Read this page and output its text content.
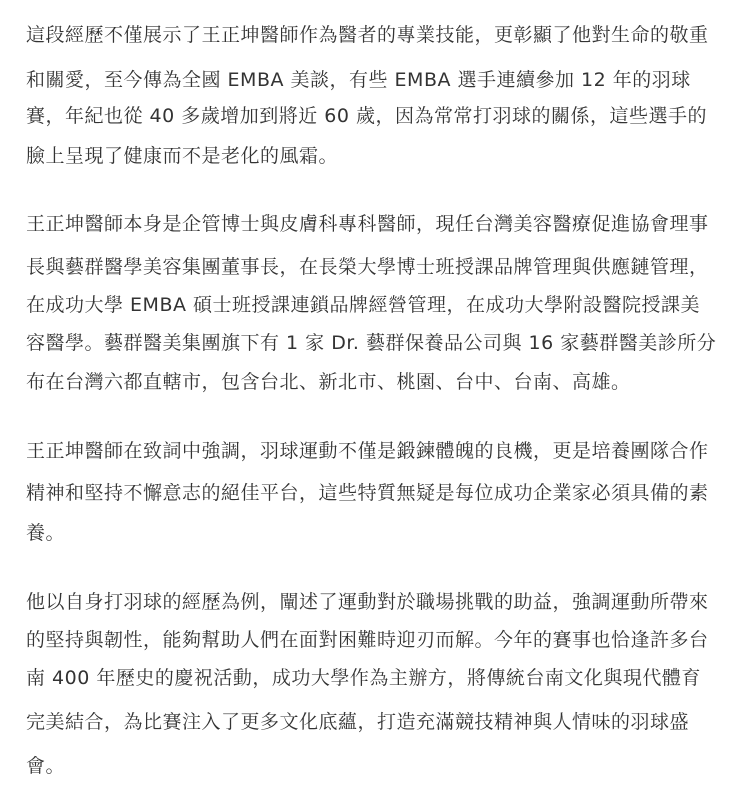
這段經歷不僅展示了王正坤醫師作為醫者的專業技能，更彰顯了他對生命的敬重
和關愛，至今傳為全國 EMBA 美談，有些 EMBA 選手連續參加 12 年的羽球
賽，年紀也從 40 多歲增加到將近 60 歲，因為常常打羽球的關係，這些選手的
臉上呈現了健康而不是老化的風霜。
王正坤醫師本身是企管博士與皮膚科專科醫師，現任台灣美容醫療促進協會理事
長與藝群醫學美容集團董事長，在長榮大學博士班授課品牌管理與供應鏈管理，
在成功大學 EMBA 碩士班授課連鎖品牌經營管理，在成功大學附設醫院授課美
容醫學。藝群醫美集團旗下有 1 家 Dr. 藝群保養品公司與 16 家藝群醫美診所分
布在台灣六都直轄市，包含台北、新北市、桃園、台中、台南、高雄。
王正坤醫師在致詞中強調，羽球運動不僅是鍛鍊體魄的良機，更是培養團隊合作
精神和堅持不懈意志的絕佳平台，這些特質無疑是每位成功企業家必須具備的素
養。
他以自身打羽球的經歷為例，闡述了運動對於職場挑戰的助益，強調運動所帶來
的堅持與韌性，能夠幫助人們在面對困難時迎刃而解。今年的賽事也恰逢許多台
南 400 年歷史的慶祝活動，成功大學作為主辦方，將傳統台南文化與現代體育
完美結合，為比賽注入了更多文化底蘊，打造充滿競技精神與人情味的羽球盛
會。
